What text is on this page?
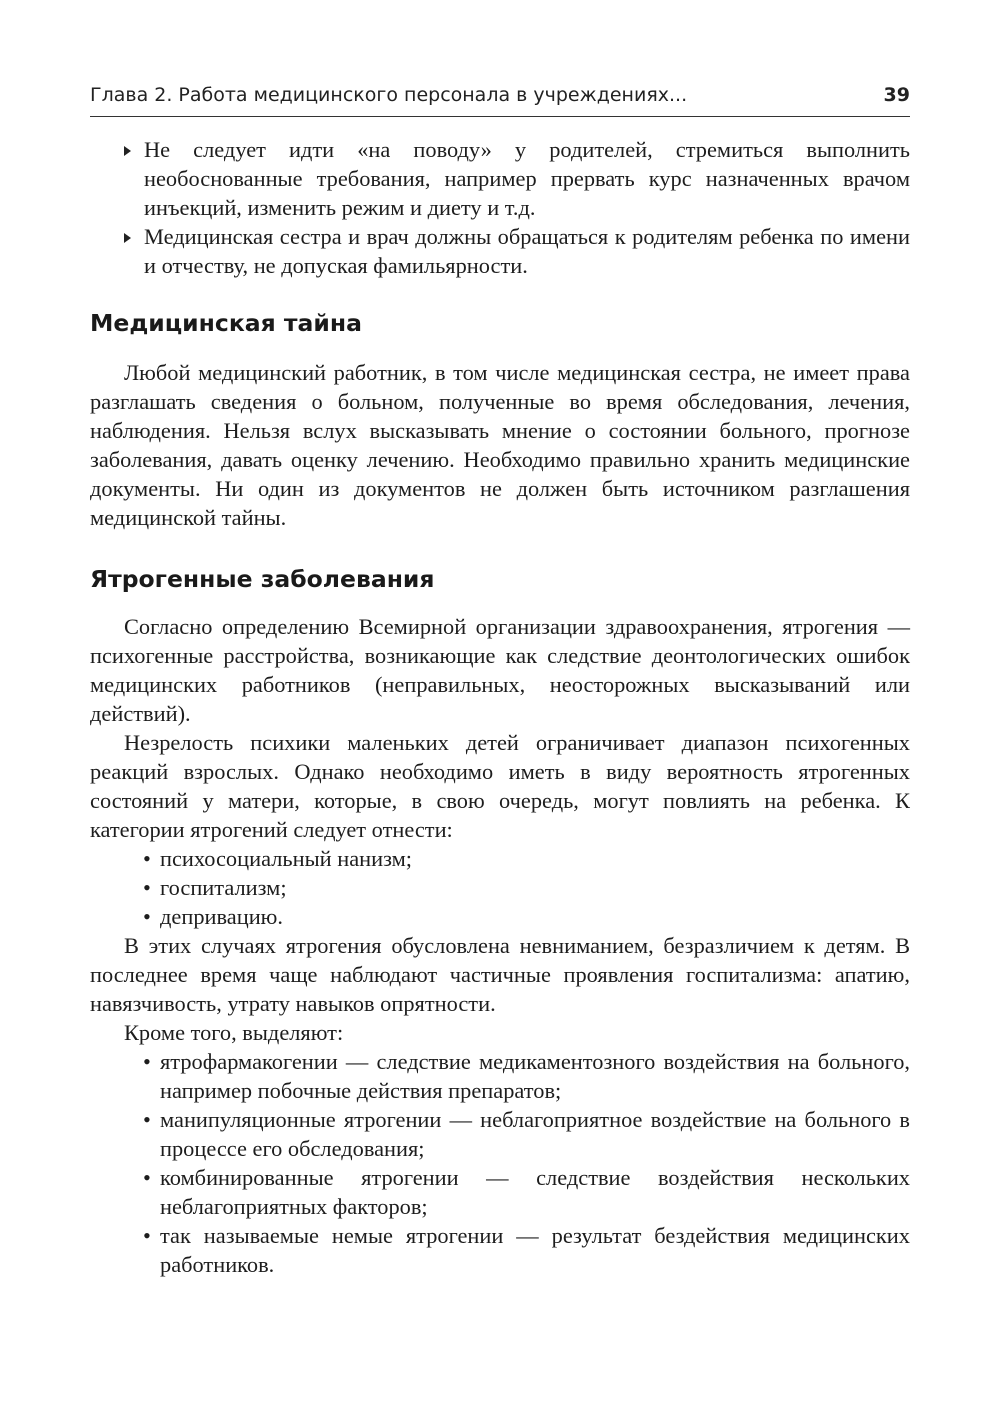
Глава 2. Работа медицинского персонала в учреждениях...	39
Не следует идти «на поводу» у родителей, стремиться выполнить необоснованные требования, например прервать курс назначенных врачом инъекций, изменить режим и диету и т.д.
Медицинская сестра и врач должны обращаться к родителям ребенка по имени и отчеству, не допуская фамильярности.
Медицинская тайна

Любой медицинский работник, в том числе медицинская сестра, не имеет права разглашать сведения о больном, полученные во время обследования, лечения, наблюдения. Нельзя вслух высказывать мнение о состоянии больного, прогнозе заболевания, давать оценку лечению. Необходимо правильно хранить медицинские документы. Ни один из документов не должен быть источником разглашения медицинской тайны.

Ятрогенные заболевания

Согласно определению Всемирной организации здравоохранения, ятрогения — психогенные расстройства, возникающие как следствие деонтологических ошибок медицинских работников (неправильных, неосторожных высказываний или действий).

Незрелость психики маленьких детей ограничивает диапазон психогенных реакций взрослых. Однако необходимо иметь в виду вероятность ятрогенных состояний у матери, которые, в свою очередь, могут повлиять на ребенка. К категории ятрогений следует отнести:

• психосоциальный нанизм;
• госпитализм;
• депривацию.

В этих случаях ятрогения обусловлена невниманием, безразличием к детям. В последнее время чаще наблюдают частичные проявления госпитализма: апатию, навязчивость, утрату навыков опрятности.

Кроме того, выделяют:

• ятрофармакогении — следствие медикаментозного воздействия на больного, например побочные действия препаратов;
• манипуляционные ятрогении — неблагоприятное воздействие на больного в процессе его обследования;
• комбинированные ятрогении — следствие воздействия нескольких неблагоприятных факторов;
• так называемые немые ятрогении — результат бездействия медицинских работников.
